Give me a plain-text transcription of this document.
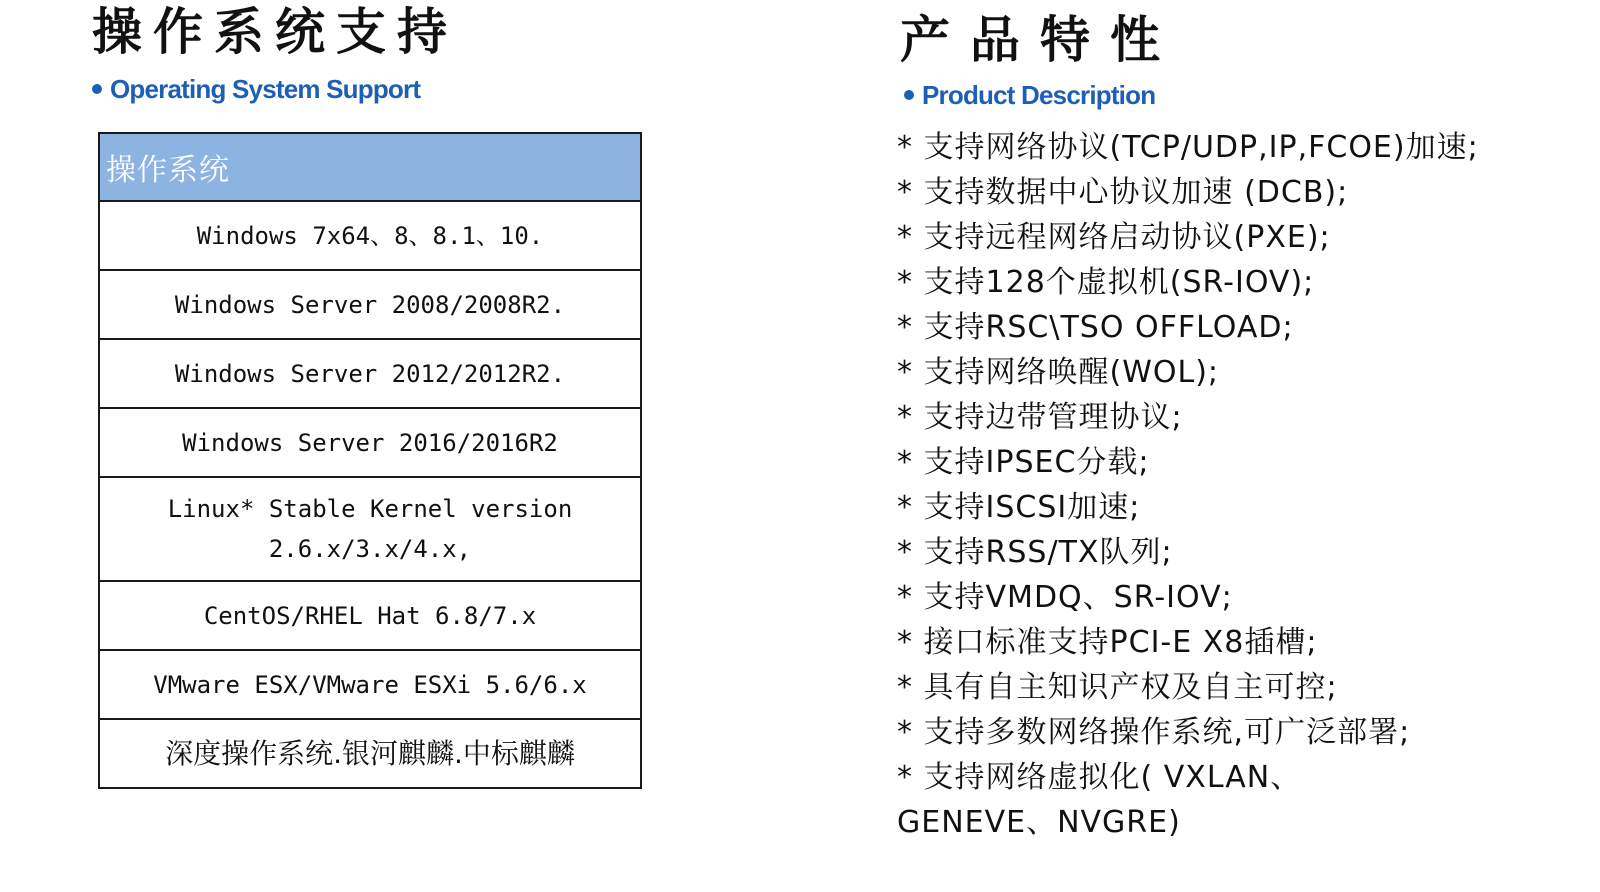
操作系统支持
Operating System Support
操作系统
Windows 7x64、8、8.1、10.
Windows Server 2008/2008R2.
Windows Server 2012/2012R2.
Windows Server 2016/2016R2
Linux* Stable Kernel version
2.6.x/3.x/4.x,
CentOS/RHEL Hat 6.8/7.x
VMware ESX/VMware ESXi 5.6/6.x
深度操作系统.银河麒麟.中标麒麟
产品特性
Product Description
* 支持网络协议(TCP/UDP,IP,FCOE)加速;
* 支持数据中心协议加速 (DCB);
* 支持远程网络启动协议(PXE);
* 支持128个虚拟机(SR-IOV);
* 支持RSC\TSO OFFLOAD;
* 支持网络唤醒(WOL);
* 支持边带管理协议;
* 支持IPSEC分载;
* 支持ISCSI加速;
* 支持RSS/TX队列;
* 支持VMDQ、SR-IOV;
* 接口标准支持PCI-E X8插槽;
* 具有自主知识产权及自主可控;
* 支持多数网络操作系统,可广泛部署;
* 支持网络虚拟化( VXLAN、GENEVE、NVGRE)
